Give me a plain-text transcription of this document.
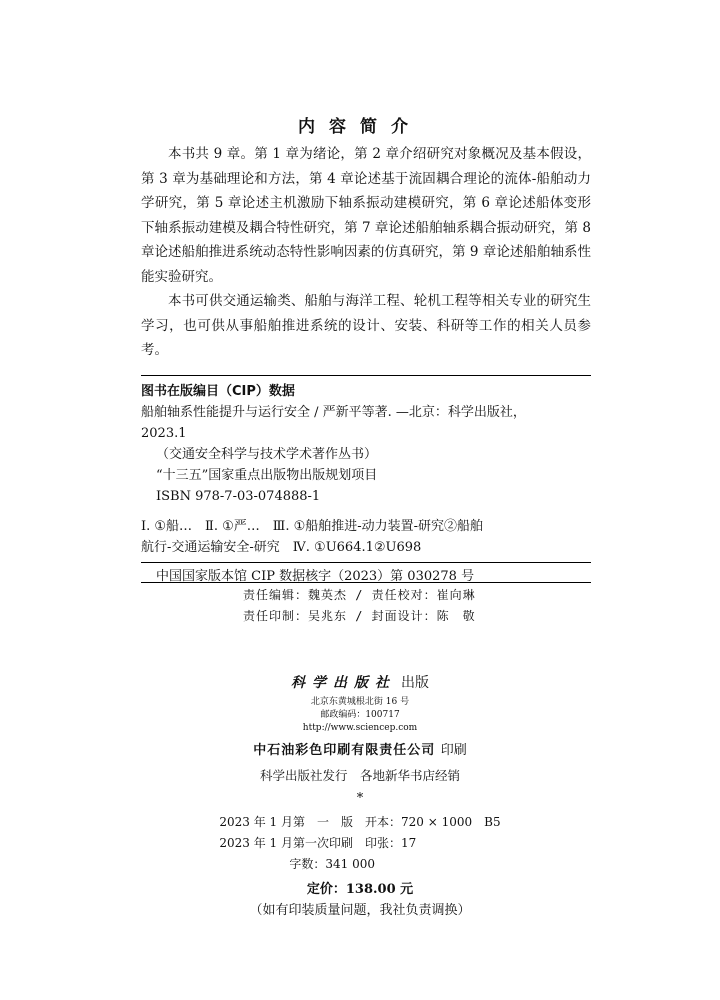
内容简介

本书共 9 章。第 1 章为绪论，第 2 章介绍研究对象概况及基本假设，第 3 章为基础理论和方法，第 4 章论述基于流固耦合理论的流体-船舶动力学研究，第 5 章论述主机激励下轴系振动建模研究，第 6 章论述船体变形下轴系振动建模及耦合特性研究，第 7 章论述船舶轴系耦合振动研究，第 8 章论述船舶推进系统动态特性影响因素的仿真研究，第 9 章论述船舶轴系性能实验研究。

本书可供交通运输类、船舶与海洋工程、轮机工程等相关专业的研究生学习，也可供从事船舶推进系统的设计、安装、科研等工作的相关人员参考。

图书在版编目（CIP）数据
船舶轴系性能提升与运行安全 / 严新平等著. —北京：科学出版社，
2023.1
（交通安全科学与技术学术著作丛书）
“十三五”国家重点出版物出版规划项目
ISBN 978-7-03-074888-1
Ⅰ. ①船…　Ⅱ. ①严…　Ⅲ. ①船舶推进-动力装置-研究②船舶
航行-交通运输安全-研究　Ⅳ. ①U664.1②U698
中国国家版本馆 CIP 数据核字（2023）第 030278 号
责任编辑：魏英杰 / 责任校对：崔向琳
责任印制：吴兆东 / 封面设计：陈　敬
科学出版社 出版
北京东黄城根北街 16 号
邮政编码：100717
http://www.sciencep.com
中石油彩色印刷有限责任公司 印刷
科学出版社发行　各地新华书店经销
*
2023 年 1 月第　一　版　开本：720 × 1000　B5
2023 年 1 月第一次印刷　印张：17
字数：341 000
定价：138.00 元
（如有印装质量问题，我社负责调换）
